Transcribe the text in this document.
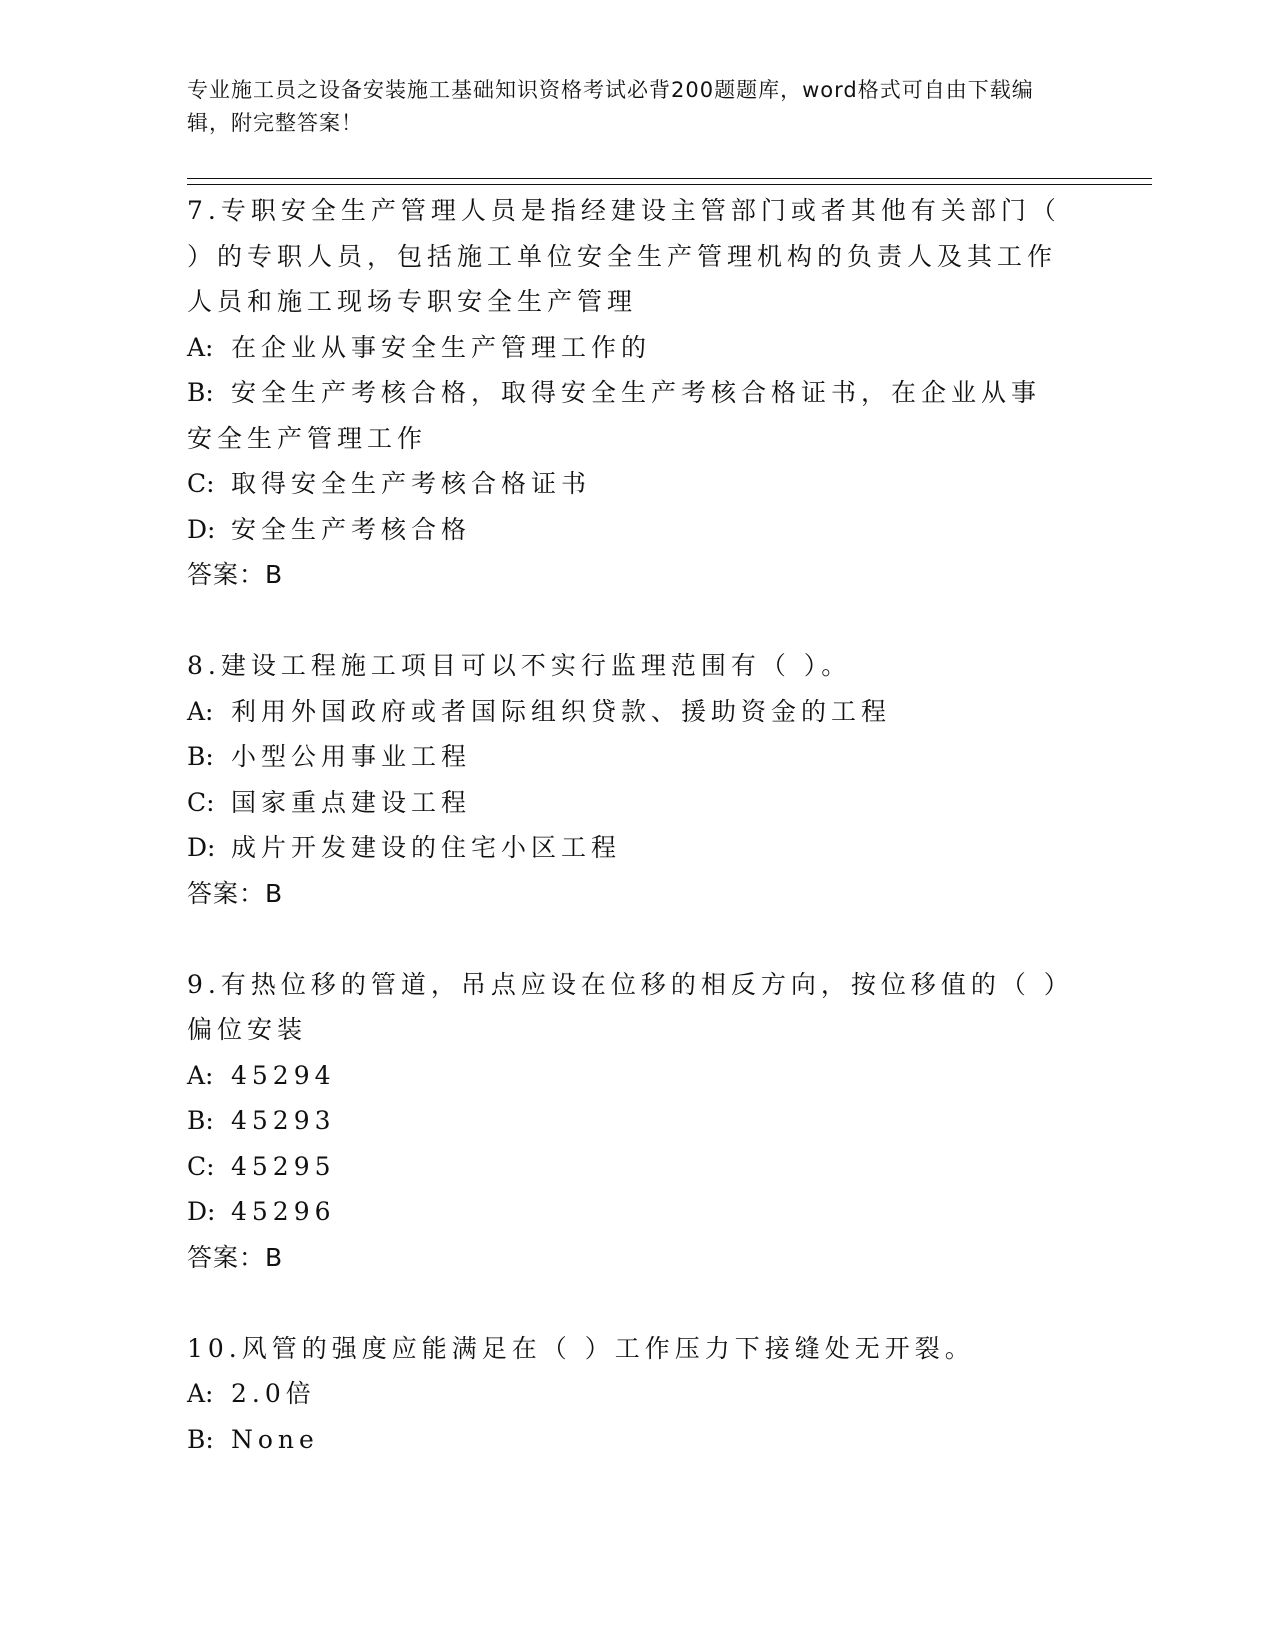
专业施工员之设备安装施工基础知识资格考试必背200题题库，word格式可自由下载编辑，附完整答案！

7.专职安全生产管理人员是指经建设主管部门或者其他有关部门（ ）的专职人员，包括施工单位安全生产管理机构的负责人及其工作人员和施工现场专职安全生产管理

A: 在企业从事安全生产管理工作的

B: 安全生产考核合格，取得安全生产考核合格证书，在企业从事安全生产管理工作

C: 取得安全生产考核合格证书

D: 安全生产考核合格

答案：B

8.建设工程施工项目可以不实行监理范围有（ ）。

A: 利用外国政府或者国际组织贷款、援助资金的工程

B: 小型公用事业工程

C: 国家重点建设工程

D: 成片开发建设的住宅小区工程

答案：B

9.有热位移的管道，吊点应设在位移的相反方向，按位移值的（ ）偏位安装

A: 45294

B: 45293

C: 45295

D: 45296

答案：B

10.风管的强度应能满足在（ ）工作压力下接缝处无开裂。

A: 2.0倍

B: None
